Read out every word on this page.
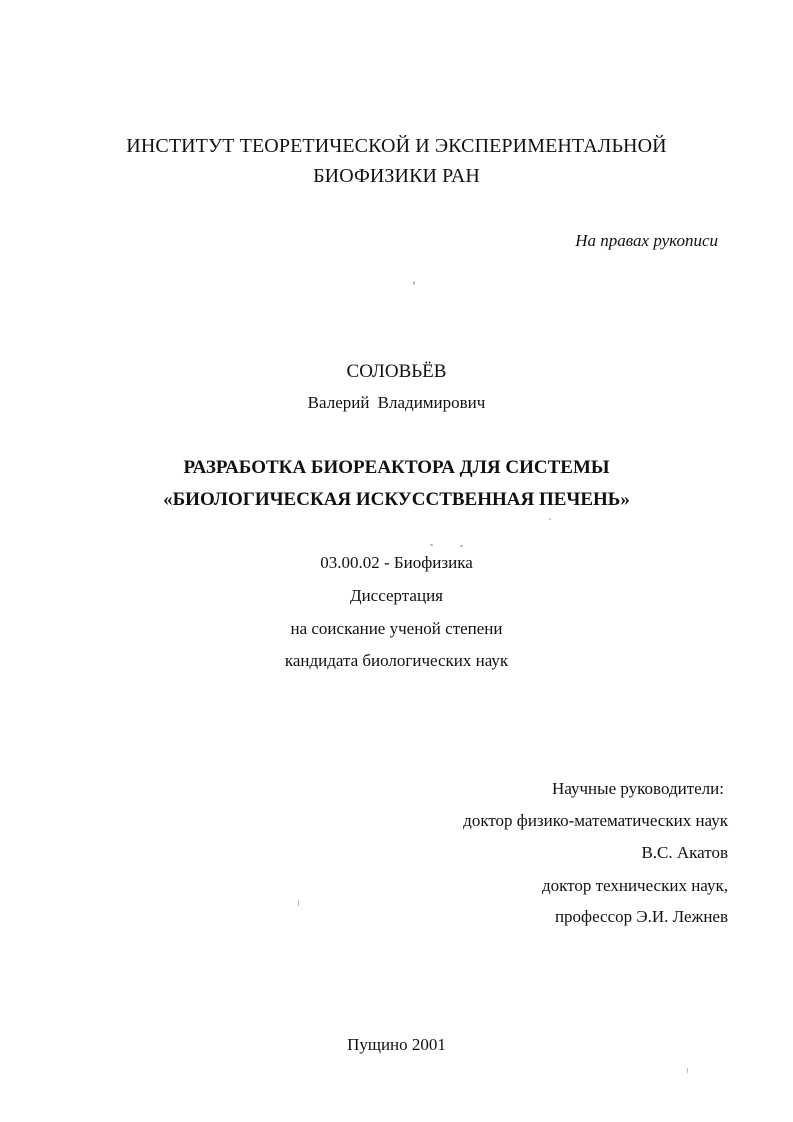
ИНСТИТУТ ТЕОРЕТИЧЕСКОЙ И ЭКСПЕРИМЕНТАЛЬНОЙ
БИОФИЗИКИ РАН
На правах рукописи
СОЛОВЬЁВ
Валерий Владимирович
РАЗРАБОТКА БИОРЕАКТОРА ДЛЯ СИСТЕМЫ
«БИОЛОГИЧЕСКАЯ ИСКУССТВЕННАЯ ПЕЧЕНЬ»
03.00.02 - Биофизика
Диссертация
на соискание ученой степени
кандидата биологических наук
Научные руководители:
доктор физико-математических наук
В.С. Акатов
доктор технических наук,
профессор Э.И. Лежнев
Пущино 2001
